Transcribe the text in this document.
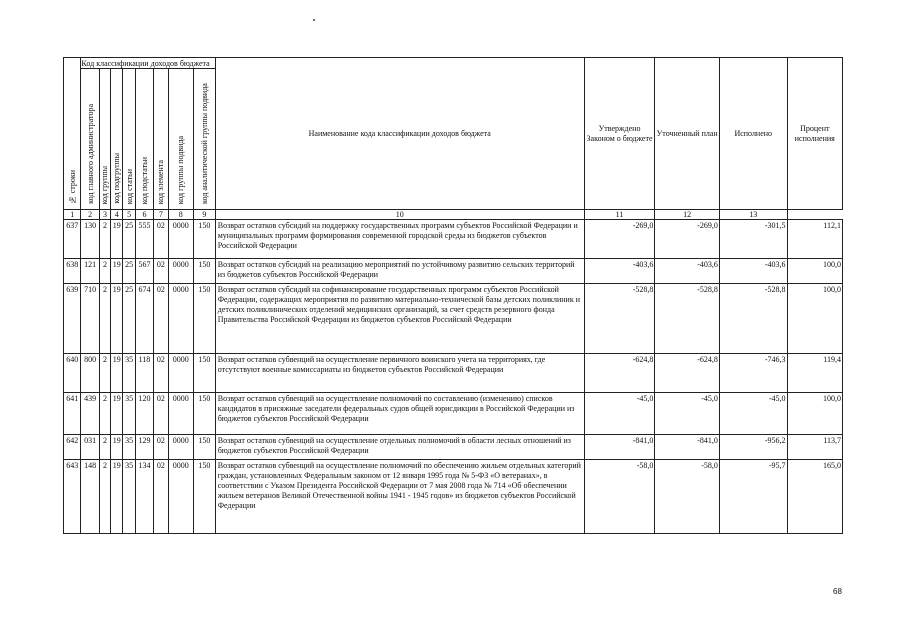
№ строки	Код классификации доходов бюджета								Наименование кода классификации доходов бюджета	Утверждено Законом о бюджете	Уточненный план	Исполнено	Процент исполнения
	код главного администратора	код группы	код подгруппы	код статьи	код подстатьи	код элемента	код группы подвида	код аналитической группы подвида					
1	2	3	4	5	6	7	8	9	10	11	12	13	
637	130	2	19	25	555	02	0000	150	Возврат остатков субсидий на поддержку государственных программ субъектов Российской Федерации и муниципальных программ формирования современной городской среды из бюджетов субъектов Российской Федерации	-269,0	-269,0	-301,5	112,1
638	121	2	19	25	567	02	0000	150	Возврат остатков субсидий на реализацию мероприятий по устойчивому развитию сельских территорий из бюджетов субъектов Российской Федерации	-403,6	-403,6	-403,6	100,0
639	710	2	19	25	674	02	0000	150	Возврат остатков субсидий на софинансирование государственных программ субъектов Российской Федерации, содержащих мероприятия по развитию материально-технической базы детских поликлиник и детских поликлинических отделений медицинских организаций, за счет средств резервного фонда Правительства Российской Федерации из бюджетов субъектов Российской Федерации	-528,8	-528,8	-528,8	100,0
640	800	2	19	35	118	02	0000	150	Возврат остатков субвенций на осуществление первичного воинского учета на территориях, где отсутствуют военные комиссариаты из бюджетов субъектов Российской Федерации	-624,8	-624,8	-746,3	119,4
641	439	2	19	35	120	02	0000	150	Возврат остатков субвенций на осуществление полномочий по составлению (изменению) списков кандидатов в присяжные заседатели федеральных судов общей юрисдикции в Российской Федерации из бюджетов субъектов Российской Федерации	-45,0	-45,0	-45,0	100,0
642	031	2	19	35	129	02	0000	150	Возврат остатков субвенций на осуществление отдельных полномочий в области лесных отношений из бюджетов субъектов Российской Федерации	-841,0	-841,0	-956,2	113,7
643	148	2	19	35	134	02	0000	150	Возврат остатков субвенций на осуществление полномочий по обеспечению жильем отдельных категорий граждан, установленных Федеральным законом от 12 января 1995 года № 5-ФЗ «О ветеранах», в соответствии с Указом Президента Российской Федерации от 7 мая 2008 года № 714 «Об обеспечении жильем ветеранов Великой Отечественной войны 1941 - 1945 годов» из бюджетов субъектов Российской Федерации	-58,0	-58,0	-95,7	165,0
68
